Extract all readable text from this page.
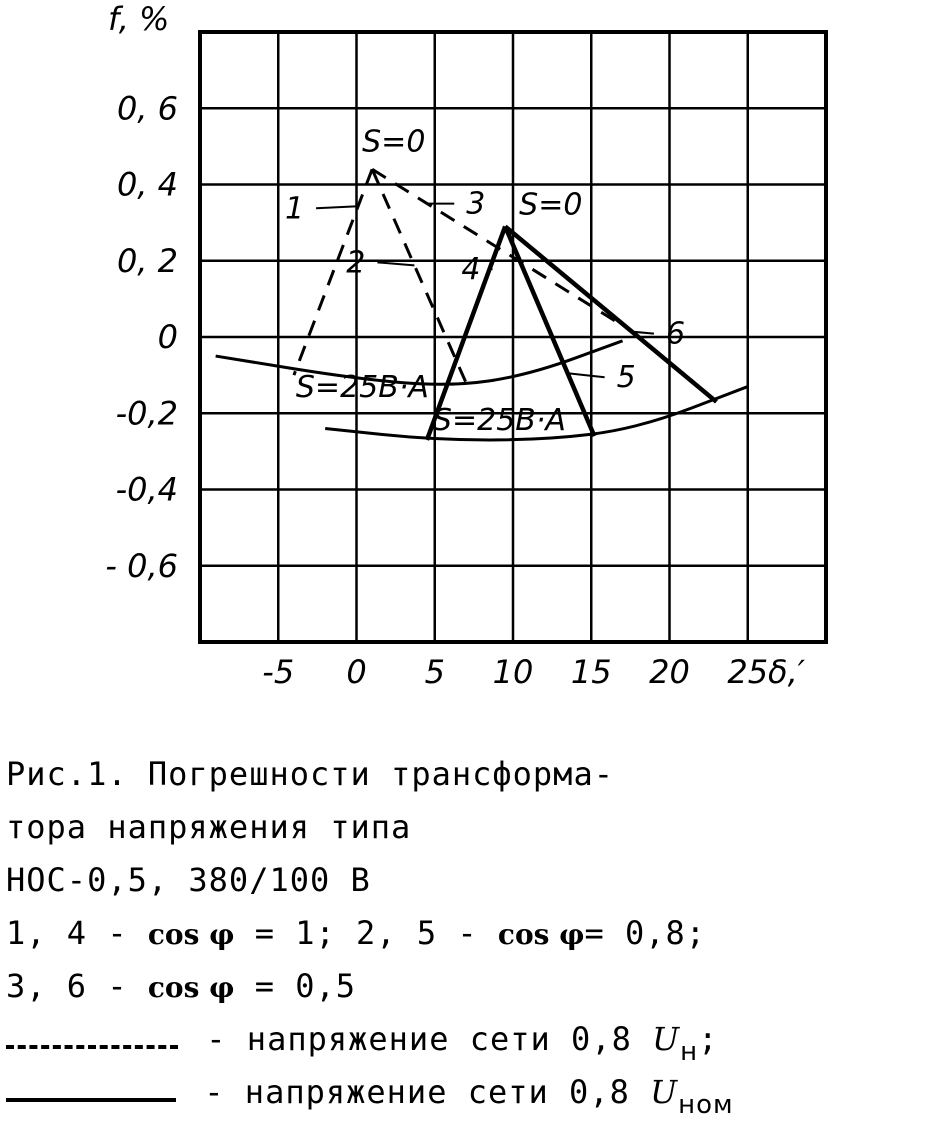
0, 6
0, 4
0, 2
0
-0,2
-0,4
- 0,6
-5 0 5 10 15 20 25
f, %
δ,′
1
2
3
4
5
6
S=0
S=0
S=25B·A
S=25B·A
Рис.1. Погрешности трансформа-
тора напряжения типа
НОС-0,5, 380/100 В
1, 4 - cos φ = 1; 2, 5 - cos φ= 0,8;
3, 6 - cos φ = 0,5
- напряжение сети 0,8 $U_н$;
- напряжение сети 0,8 $U_{ном}$
